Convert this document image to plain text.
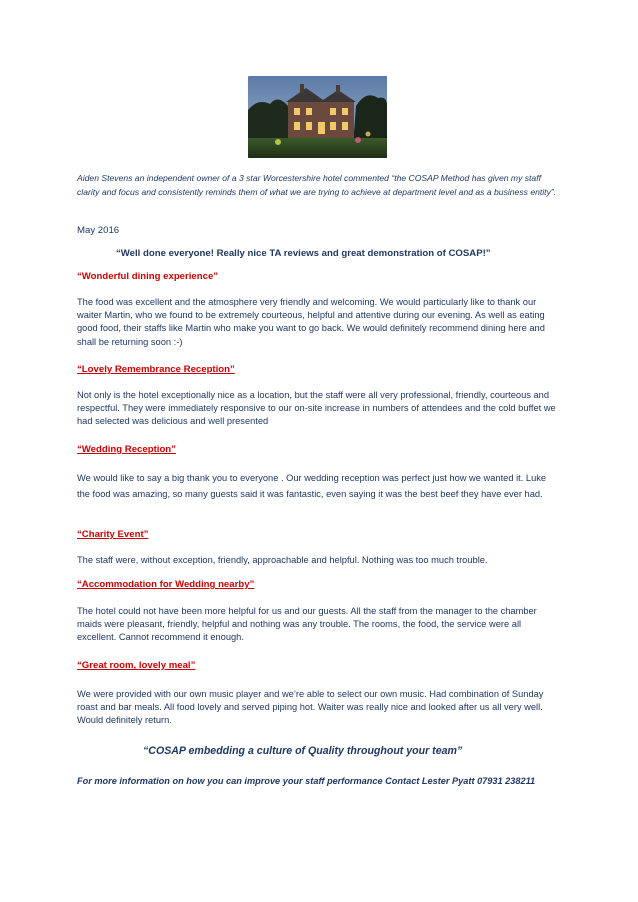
Aiden Stevens an independent owner of a 3 star Worcestershire hotel commented “the COSAP Method has given my staff clarity and focus and consistently reminds them of what we are trying to achieve at department level and as a business entity”.

May 2016

“Well done everyone! Really nice TA reviews and great demonstration of COSAP!”

“Wonderful dining experience”

The food was excellent and the atmosphere very friendly and welcoming. We would particularly like to thank our waiter Martin, who we found to be extremely courteous, helpful and attentive during our evening. As well as eating good food, their staffs like Martin who make you want to go back. We would definitely recommend dining here and shall be returning soon :-)

“Lovely Remembrance Reception”

Not only is the hotel exceptionally nice as a location, but the staff were all very professional, friendly, courteous and respectful. They were immediately responsive to our on-site increase in numbers of attendees and the cold buffet we had selected was delicious and well presented

“Wedding Reception”

We would like to say a big thank you to everyone . Our wedding reception was perfect just how we wanted it. Luke the food was amazing, so many guests said it was fantastic, even saying it was the best beef they have ever had.

“Charity Event”

The staff were, without exception, friendly, approachable and helpful. Nothing was too much trouble.

“Accommodation for Wedding nearby”

The hotel could not have been more helpful for us and our guests. All the staff from the manager to the chamber maids were pleasant, friendly, helpful and nothing was any trouble. The rooms, the food, the service were all excellent. Cannot recommend it enough.

“Great room, lovely meal”

We were provided with our own music player and we’re able to select our own music. Had combination of Sunday roast and bar meals. All food lovely and served piping hot. Waiter was really nice and looked after us all very well. Would definitely return.

“COSAP embedding a culture of Quality throughout your team”

For more information on how you can improve your staff performance Contact Lester Pyatt 07931 238211
